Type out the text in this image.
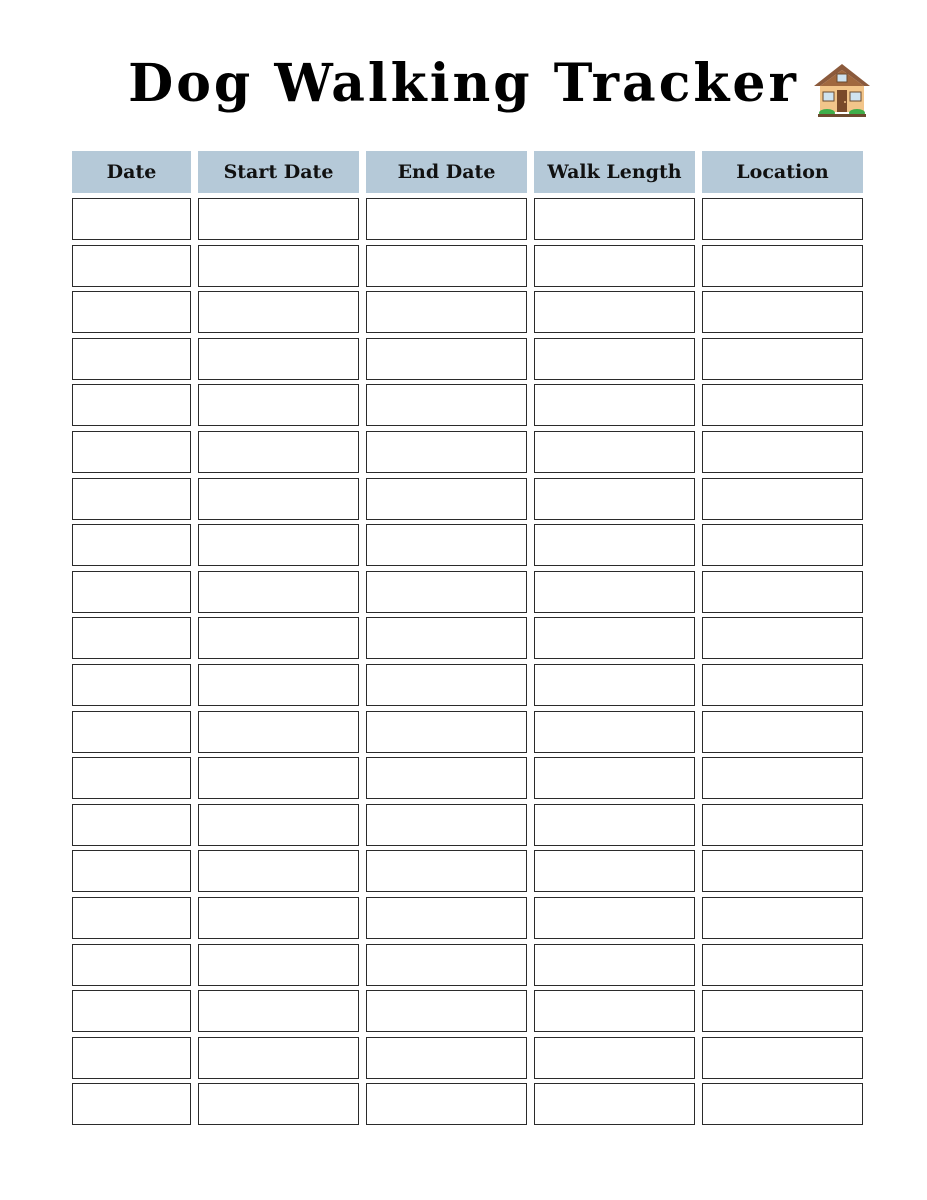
Dog Walking Tracker
Date	Start Date	End Date	Walk Length	Location
